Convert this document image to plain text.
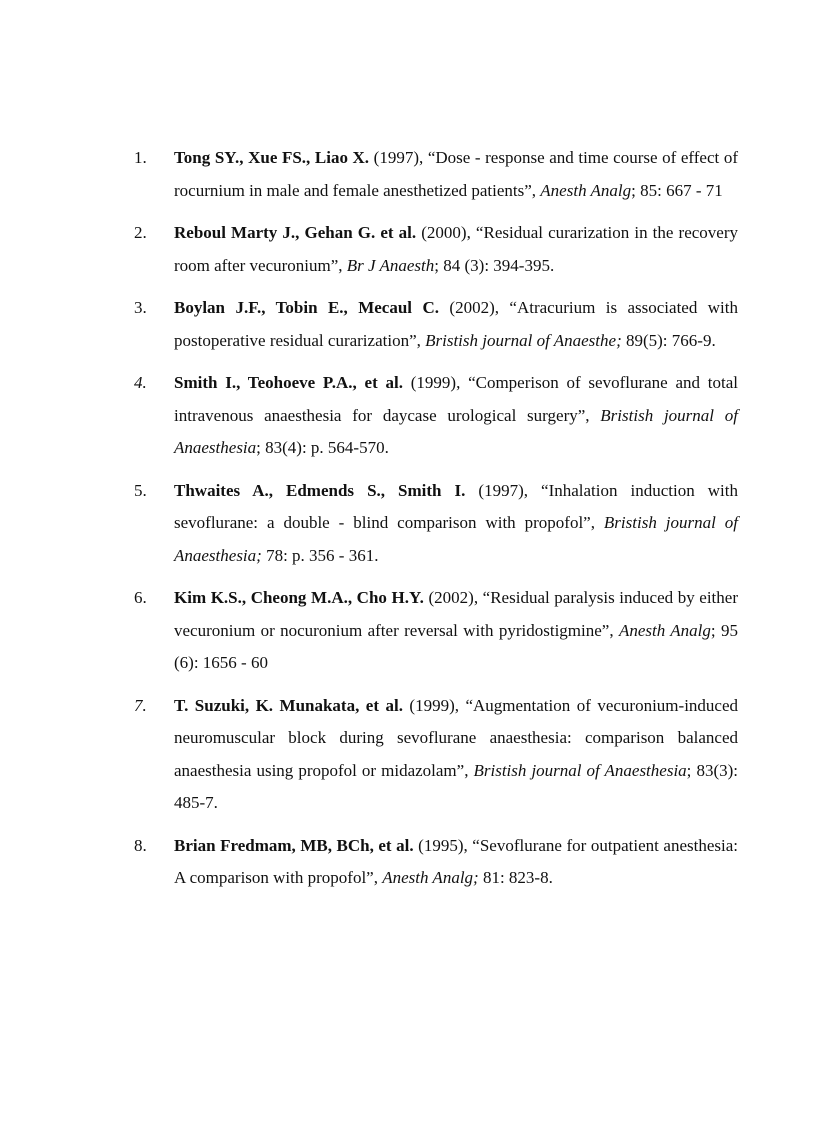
1.	Tong SY., Xue FS., Liao X. (1997), “Dose - response and time course of effect of rocurnium in male and female anesthetized patients”, Anesth Analg; 85: 667 - 71
2.	Reboul Marty J., Gehan G. et al. (2000), “Residual curarization in the recovery room after vecuronium”, Br J Anaesth; 84 (3): 394-395.
3.	Boylan J.F., Tobin E., Mecaul C. (2002), “Atracurium is associated with postoperative residual curarization”, Bristish journal of Anaesthe; 89(5): 766-9.
4.	Smith I., Teohoeve P.A., et al. (1999), “Comperison of sevoflurane and total intravenous anaesthesia for daycase urological surgery”, Bristish journal of Anaesthesia; 83(4): p. 564-570.
5.	Thwaites A., Edmends S., Smith I. (1997), “Inhalation induction with sevoflurane: a double - blind comparison with propofol”, Bristish journal of Anaesthesia; 78: p. 356 - 361.
6.	Kim K.S., Cheong M.A., Cho H.Y. (2002), “Residual paralysis induced by either vecuronium or nocuronium after reversal with pyridostigmine”, Anesth Analg; 95 (6): 1656 - 60
7.	T. Suzuki, K. Munakata, et al. (1999), “Augmentation of vecuronium-induced neuromuscular block during sevoflurane anaesthesia: comparison balanced anaesthesia using propofol or midazolam”, Bristish journal of Anaesthesia; 83(3): 485-7.
8.	Brian Fredmam, MB, BCh, et al. (1995), “Sevoflurane for outpatient anesthesia: A comparison with propofol”, Anesth Analg; 81: 823-8.
